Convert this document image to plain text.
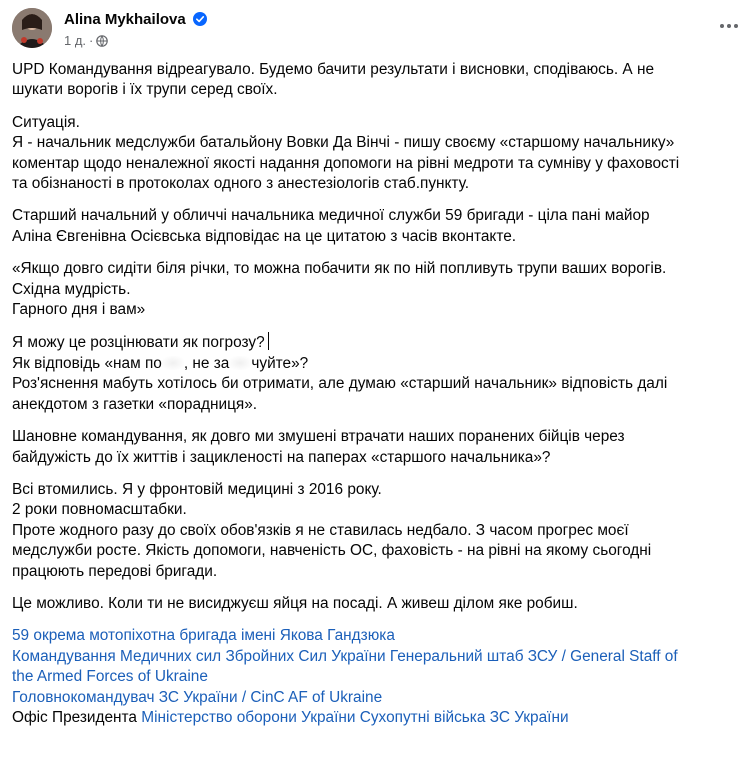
Alina Mykhailova
1 д. ·
UPD Командування відреагувало. Будемо бачити результати і висновки, сподіваюсь. А не
шукати ворогів і їх трупи серед своїх.
Ситуація.
Я - начальник медслужби батальйону Вовки Да Вінчі - пишу своєму «старшому начальнику»
коментар щодо неналежної якості надання допомоги на рівні медроти та сумніву у фаховості
та обізнаності в протоколах одного з анестезіологів стаб.пункту.
Старший начальний у обличчі начальника медичної служби 59 бригади - ціла пані майор
Аліна Євгенівна Осієвська відповідає на це цитатою з часів вконтакте.
«Якщо довго сидіти біля річки, то можна побачити як по ній попливуть трупи ваших ворогів.
Східна мудрість.
Гарного дня і вам»
Я можу це розцінювати як погрозу?
Як відповідь «нам по , не за чуйте»?
Роз'яснення мабуть хотілось би отримати, але думаю «старший начальник» відповість далі
анекдотом з газетки «порадниця».
Шановне командування, як довго ми змушені втрачати наших поранених бійців через
байдужість до їх життів і зацикленості на паперах «старшого начальника»?
Всі втомились. Я у фронтовій медицині з 2016 року.
2 роки повномасштабки.
Проте жодного разу до своїх обов'язків я не ставилась недбало. З часом прогрес моєї
медслужби росте. Якість допомоги, навченість ОС, фаховість - на рівні на якому сьогодні
працюють передові бригади.
Це можливо. Коли ти не висиджуєш яйця на посаді. А живеш ділом яке робиш.
59 окрема мотопіхотна бригада імені Якова Гандзюка
Командування Медичних сил Збройних Сил України Генеральний штаб ЗСУ / General Staff of
the Armed Forces of Ukraine
Головнокомандувач ЗС України / CinC AF of Ukraine
Офіс Президента Міністерство оборони України Сухопутні війська ЗС України
